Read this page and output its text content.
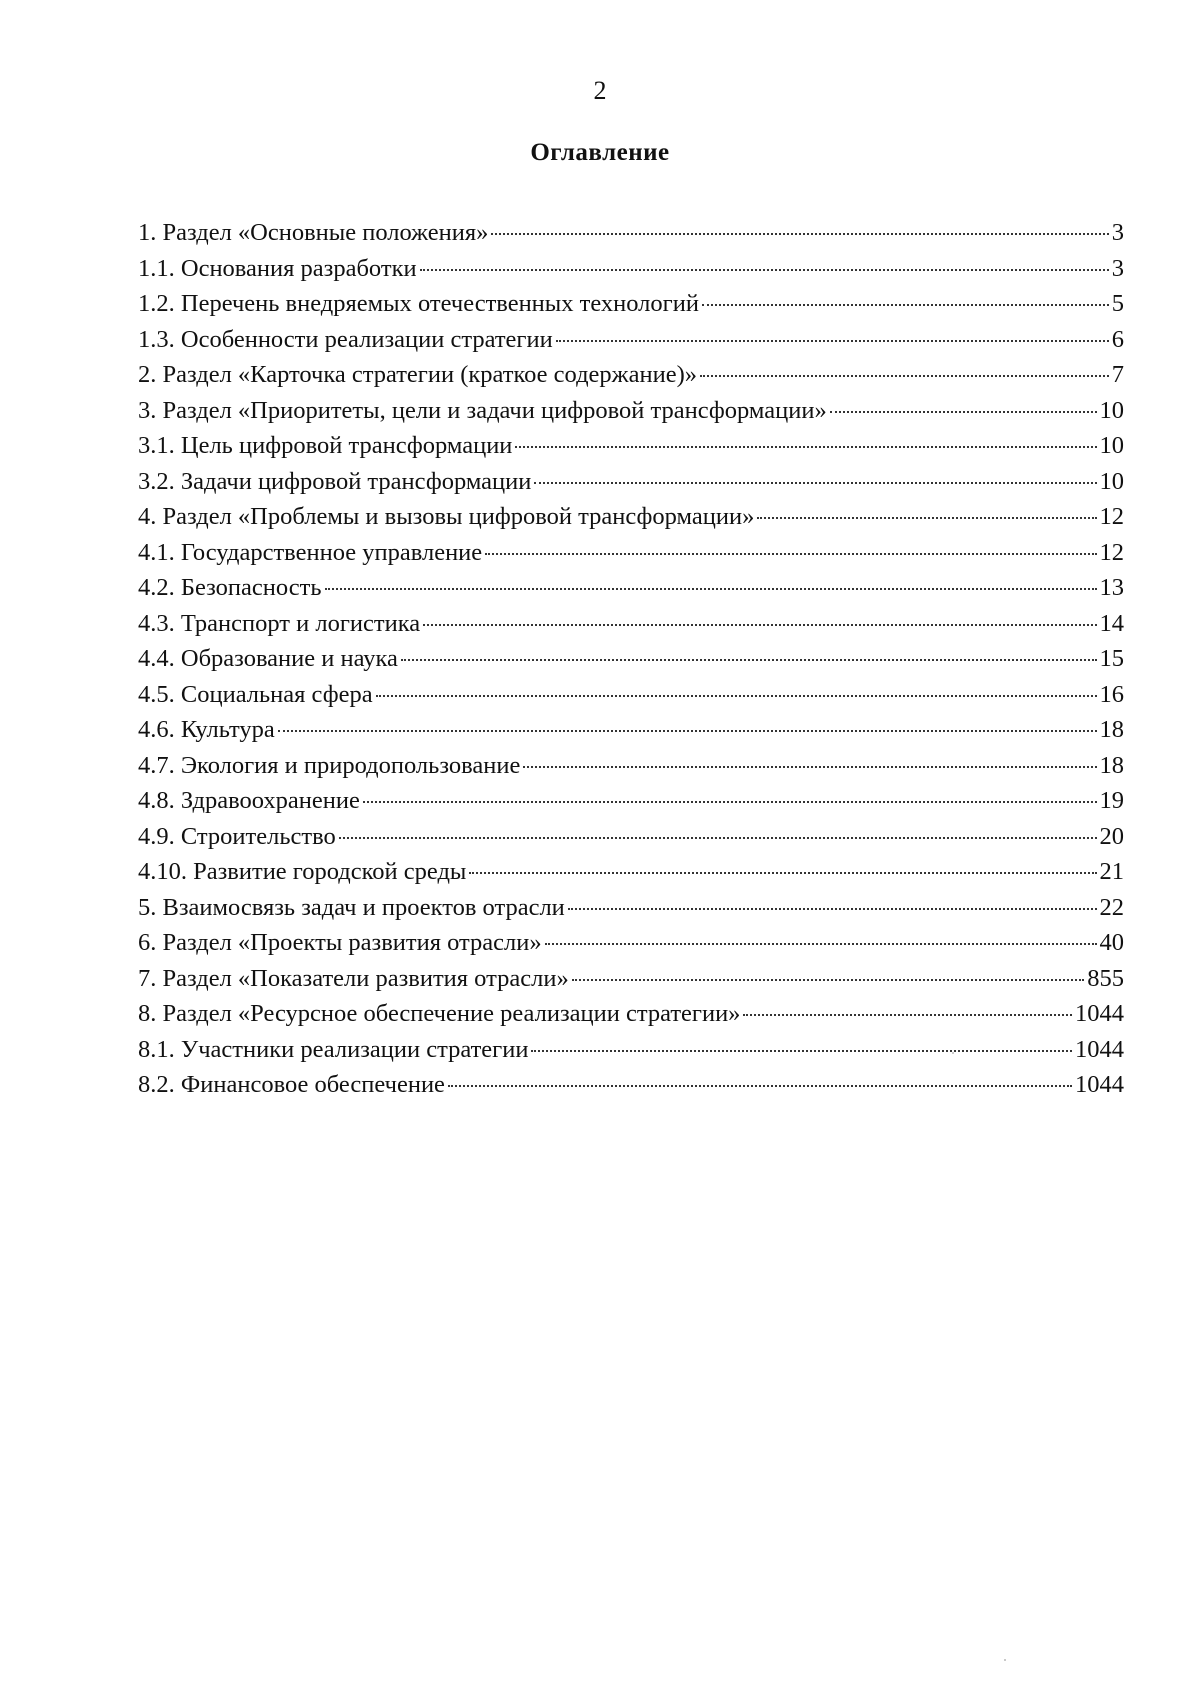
2
Оглавление
1. Раздел «Основные положения»	3
1.1. Основания разработки	3
1.2. Перечень внедряемых отечественных технологий	5
1.3. Особенности реализации стратегии	6
2. Раздел «Карточка стратегии (краткое содержание)»	7
3. Раздел «Приоритеты, цели и задачи цифровой трансформации»	10
3.1. Цель цифровой трансформации	10
3.2. Задачи цифровой трансформации	10
4. Раздел «Проблемы и вызовы цифровой трансформации»	12
4.1. Государственное управление	12
4.2. Безопасность	13
4.3. Транспорт и логистика	14
4.4. Образование и наука	15
4.5. Социальная сфера	16
4.6. Культура	18
4.7. Экология и природопользование	18
4.8. Здравоохранение	19
4.9. Строительство	20
4.10. Развитие городской среды	21
5. Взаимосвязь задач и проектов отрасли	22
6. Раздел «Проекты развития отрасли»	40
7. Раздел «Показатели развития отрасли»	855
8. Раздел «Ресурсное обеспечение реализации стратегии»	1044
8.1. Участники реализации стратегии	1044
8.2. Финансовое обеспечение	1044
